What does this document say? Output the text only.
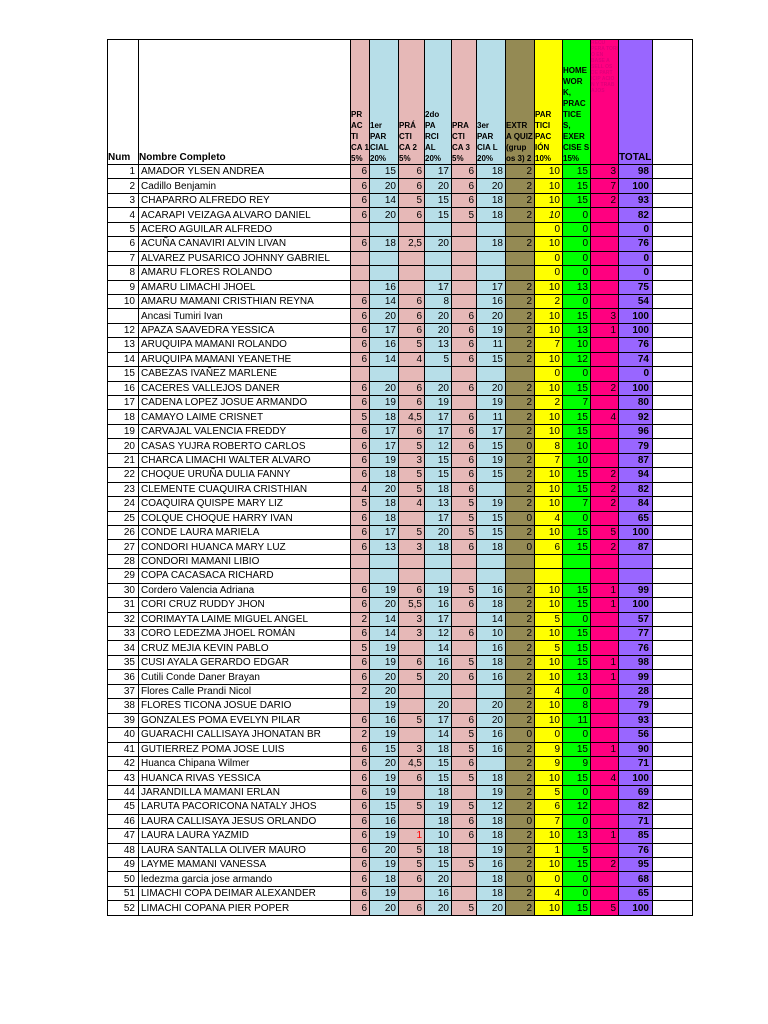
Num	Nombre Completo	PR AC TI CA 1 5%	1er PAR CIAL 20%	PRÁ CTI CA 2 5%	2do PA RCI AL 20%	PRA CTI CA 3 5%	3er PAR CIA L 20%	EXTR A QUIZ (grup os 3) 2	PAR TICI PAC IÓN 10%	HOME WOR K, PRAC TICE S, EXER CISE S 15%	RECU PERA TORI O EN BASE A SELL OS DE PART ICIP ACIO N Y TRAB AJOS	TOTAL	
1	AMADOR YLSEN ANDREA	6	15	6	17	6	18	2	10	15	3	98	
2	Cadillo Benjamin	6	20	6	20	6	20	2	10	15	7	100	
3	CHAPARRO ALFREDO REY	6	14	5	15	6	18	2	10	15	2	93	
4	ACARAPI VEIZAGA ALVARO DANIEL	6	20	6	15	5	18	2	10	0		82	
5	ACERO AGUILAR ALFREDO								0	0		0	
6	ACUÑA CANAVIRI ALVIN LIVAN	6	18	2,5	20		18	2	10	0		76	
7	ALVAREZ PUSARICO JOHNNY GABRIEL								0	0		0	
8	AMARU FLORES ROLANDO								0	0		0	
9	AMARU LIMACHI JHOEL		16		17		17	2	10	13		75	
10	AMARU MAMANI CRISTHIAN REYNA	6	14	6	8		16	2	2	0		54	
	Ancasi Tumiri Ivan	6	20	6	20	6	20	2	10	15	3	100	
12	APAZA SAAVEDRA YESSICA	6	17	6	20	6	19	2	10	13	1	100	
13	ARUQUIPA MAMANI ROLANDO	6	16	5	13	6	11	2	7	10		76	
14	ARUQUIPA MAMANI YEANETHE	6	14	4	5	6	15	2	10	12		74	
15	CABEZAS IVAÑEZ MARLENE								0	0		0	
16	CACERES VALLEJOS DANER	6	20	6	20	6	20	2	10	15	2	100	
17	CADENA LOPEZ JOSUE ARMANDO	6	19	6	19		19	2	2	7		80	
18	CAMAYO LAIME CRISNET	5	18	4,5	17	6	11	2	10	15	4	92	
19	CARVAJAL VALENCIA FREDDY	6	17	6	17	6	17	2	10	15		96	
20	CASAS YUJRA ROBERTO CARLOS	6	17	5	12	6	15	0	8	10		79	
21	CHARCA LIMACHI WALTER ALVARO	6	19	3	15	6	19	2	7	10		87	
22	CHOQUE URUÑA DULIA FANNY	6	18	5	15	6	15	2	10	15	2	94	
23	CLEMENTE CUAQUIRA CRISTHIAN	4	20	5	18	6		2	10	15	2	82	
24	COAQUIRA QUISPE MARY LIZ	5	18	4	13	5	19	2	10	7	2	84	
25	COLQUE CHOQUE HARRY IVAN	6	18		17	5	15	0	4	0		65	
26	CONDE LAURA MARIELA	6	17	5	20	5	15	2	10	15	5	100	
27	CONDORI HUANCA MARY LUZ	6	13	3	18	6	18	0	6	15	2	87	
28	CONDORI MAMANI LIBIO												
29	COPA CACASACA RICHARD												
30	Cordero Valencia Adriana	6	19	6	19	5	16	2	10	15	1	99	
31	CORI CRUZ RUDDY JHON	6	20	5,5	16	6	18	2	10	15	1	100	
32	CORIMAYTA LAIME MIGUEL ANGEL	2	14	3	17		14	2	5	0		57	
33	CORO LEDEZMA JHOEL ROMÁN	6	14	3	12	6	10	2	10	15		77	
34	CRUZ MEJIA KEVIN PABLO	5	19		14		16	2	5	15		76	
35	CUSI AYALA GERARDO EDGAR	6	19	6	16	5	18	2	10	15	1	98	
36	Cutili Conde Daner Brayan	6	20	5	20	6	16	2	10	13	1	99	
37	Flores Calle Prandi Nicol	2	20					2	4	0		28	
38	FLORES TICONA JOSUE DARIO		19		20		20	2	10	8		79	
39	GONZALES POMA EVELYN PILAR	6	16	5	17	6	20	2	10	11		93	
40	GUARACHI CALLISAYA JHONATAN BR	2	19		14	5	16	0	0	0		56	
41	GUTIERREZ POMA JOSE LUIS	6	15	3	18	5	16	2	9	15	1	90	
42	Huanca Chipana Wilmer	6	20	4,5	15	6		2	9	9		71	
43	HUANCA RIVAS YESSICA	6	19	6	15	5	18	2	10	15	4	100	
44	JARANDILLA MAMANI ERLAN	6	19		18		19	2	5	0		69	
45	LARUTA PACORICONA NATALY JHOS	6	15	5	19	5	12	2	6	12		82	
46	LAURA CALLISAYA JESUS ORLANDO	6	16		18	6	18	0	7	0		71	
47	LAURA LAURA YAZMID	6	19	1	10	6	18	2	10	13	1	85	
48	LAURA SANTALLA OLIVER MAURO	6	20	5	18		19	2	1	5		76	
49	LAYME MAMANI VANESSA	6	19	5	15	5	16	2	10	15	2	95	
50	ledezma garcia jose armando	6	18	6	20		18	0	0	0		68	
51	LIMACHI COPA DEIMAR ALEXANDER	6	19		16		18	2	4	0		65	
52	LIMACHI COPANA PIER POPER	6	20	6	20	5	20	2	10	15	5	100	
